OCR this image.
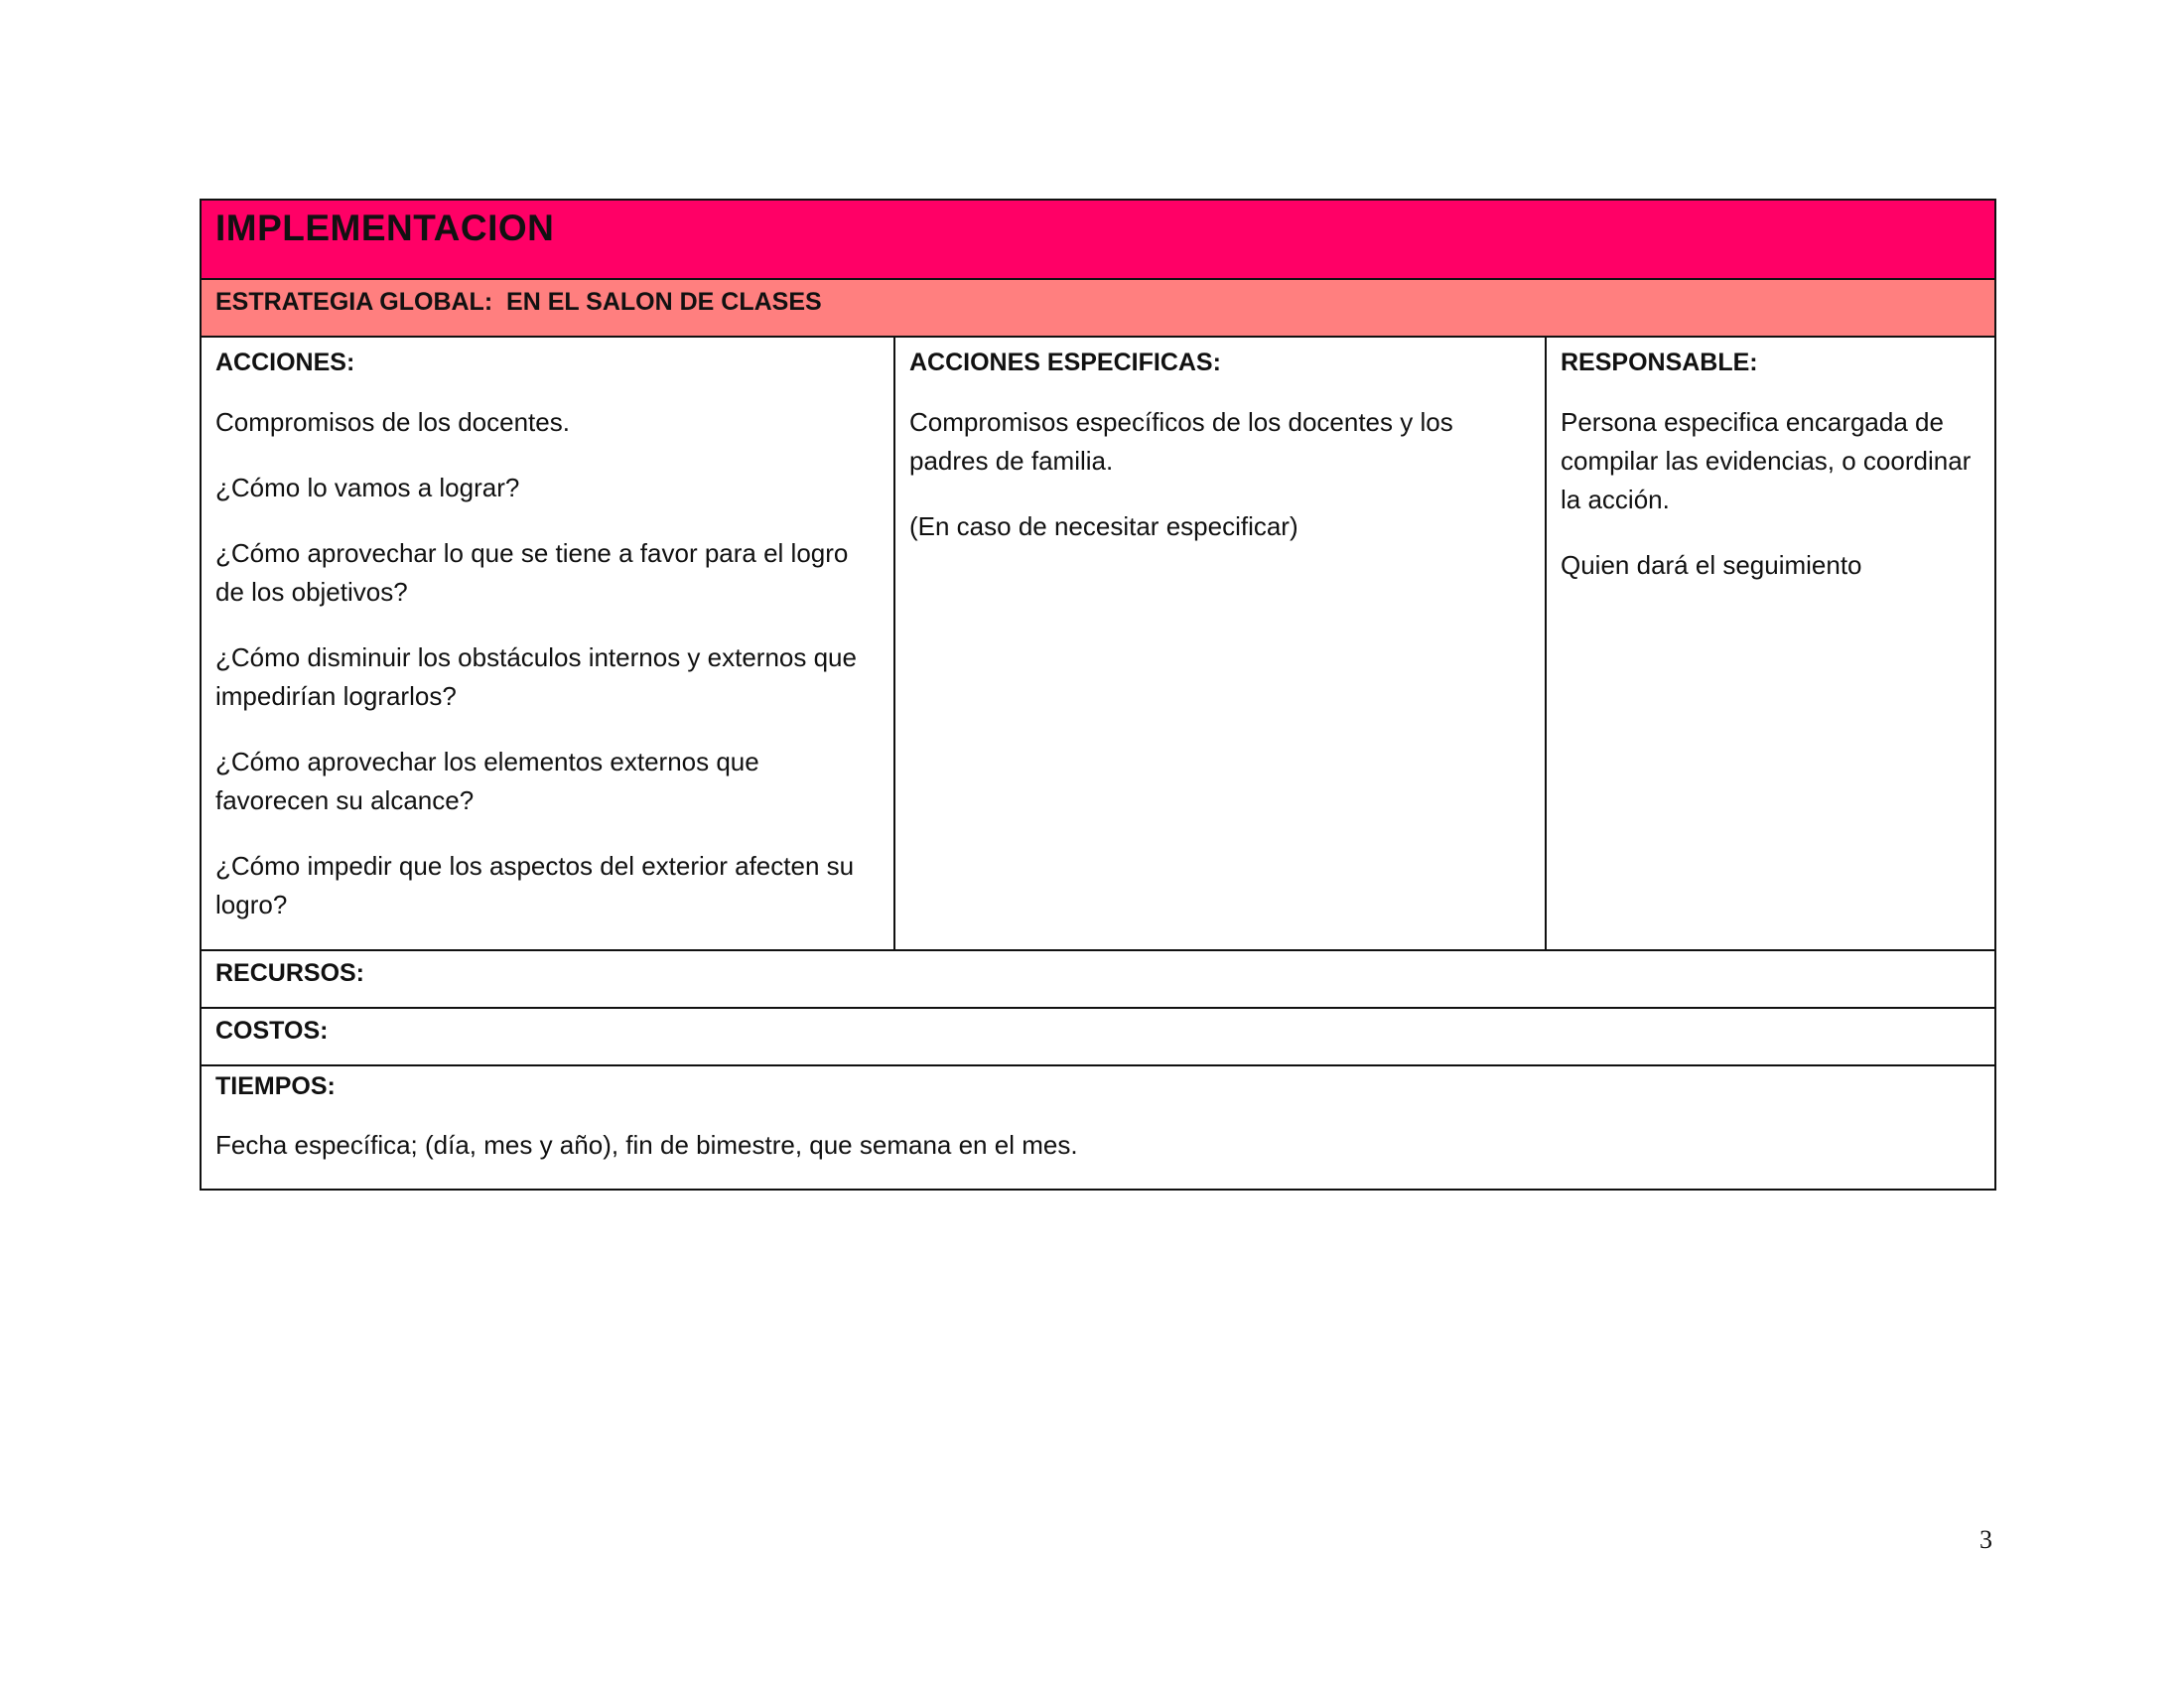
IMPLEMENTACION
ESTRATEGIA GLOBAL:  EN EL SALON DE CLASES

ACCIONES:
Compromisos de los docentes.
¿Cómo lo vamos a lograr?
¿Cómo aprovechar lo que se tiene a favor para el logro de los objetivos?
¿Cómo disminuir los obstáculos internos y externos que impedirían lograrlos?
¿Cómo aprovechar los elementos externos que favorecen su alcance?
¿Cómo impedir que los aspectos del exterior afecten su logro?

ACCIONES ESPECIFICAS:
Compromisos específicos de los docentes y los padres de familia.
(En caso de necesitar especificar)

RESPONSABLE:
Persona especifica encargada de compilar las evidencias, o coordinar la acción.
Quien dará el seguimiento

RECURSOS:
COSTOS:

TIEMPOS:
Fecha específica; (día, mes y año), fin de bimestre, que semana en el mes.
3
